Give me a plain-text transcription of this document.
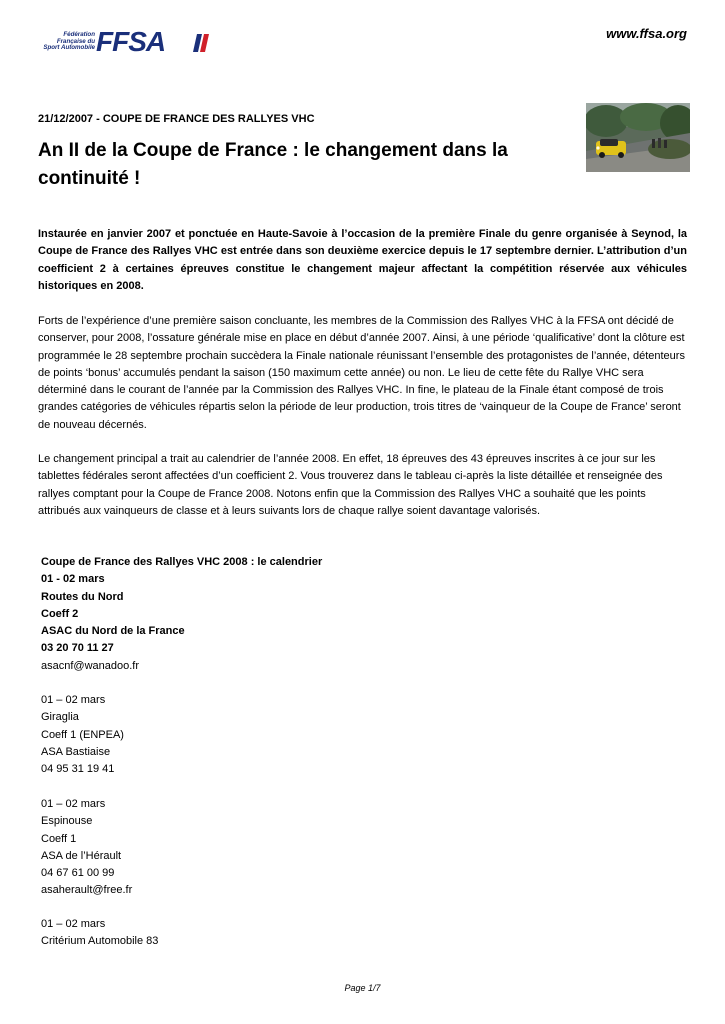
Fédération
Française du
Sport Automobile FFSA	www.ffsa.org
21/12/2007 - COUPE DE FRANCE DES RALLYES VHC
An II de la Coupe de France : le changement dans la continuité !
Instaurée en janvier 2007 et ponctuée en Haute-Savoie à l’occasion de la première Finale du genre organisée à Seynod, la Coupe de France des Rallyes VHC est entrée dans son deuxième exercice depuis le 17 septembre dernier. L’attribution d’un coefficient 2 à certaines épreuves constitue le changement majeur affectant la compétition réservée aux véhicules historiques en 2008.
Forts de l’expérience d’une première saison concluante, les membres de la Commission des Rallyes VHC à la FFSA ont décidé de conserver, pour 2008, l’ossature générale mise en place en début d’année 2007. Ainsi, à une période ‘qualificative’ dont la clôture est programmée le 28 septembre prochain succèdera la Finale nationale réunissant l’ensemble des protagonistes de l’année, détenteurs de points ‘bonus’ accumulés pendant la saison (150 maximum cette année) ou non. Le lieu de cette fête du Rallye VHC sera déterminé dans le courant de l’année par la Commission des Rallyes VHC. In fine, le plateau de la Finale étant composé de trois grandes catégories de véhicules répartis selon la période de leur production, trois titres de ‘vainqueur de la Coupe de France’ seront de nouveau décernés.
Le changement principal a trait au calendrier de l’année 2008. En effet, 18 épreuves des 43 épreuves inscrites à ce jour sur les tablettes fédérales seront affectées d’un coefficient 2. Vous trouverez dans le tableau ci-après la liste détaillée et renseignée des rallyes comptant pour la Coupe de France 2008. Notons enfin que la Commission des Rallyes VHC a souhaité que les points attribués aux vainqueurs de classe et à leurs suivants lors de chaque rallye soient davantage valorisés.
Coupe de France des Rallyes VHC 2008 : le calendrier
01 - 02 mars
Routes du Nord
Coeff 2
ASAC du Nord de la France
03 20 70 11 27
asacnf@wanadoo.fr
01 – 02 mars
Giraglia
Coeff 1 (ENPEA)
ASA Bastiaise
04 95 31 19 41
01 – 02 mars
Espinouse
Coeff 1
ASA de l’Hérault
04 67 61 00 99
asaherault@free.fr
01 – 02 mars
Critérium Automobile 83
Page 1/7
